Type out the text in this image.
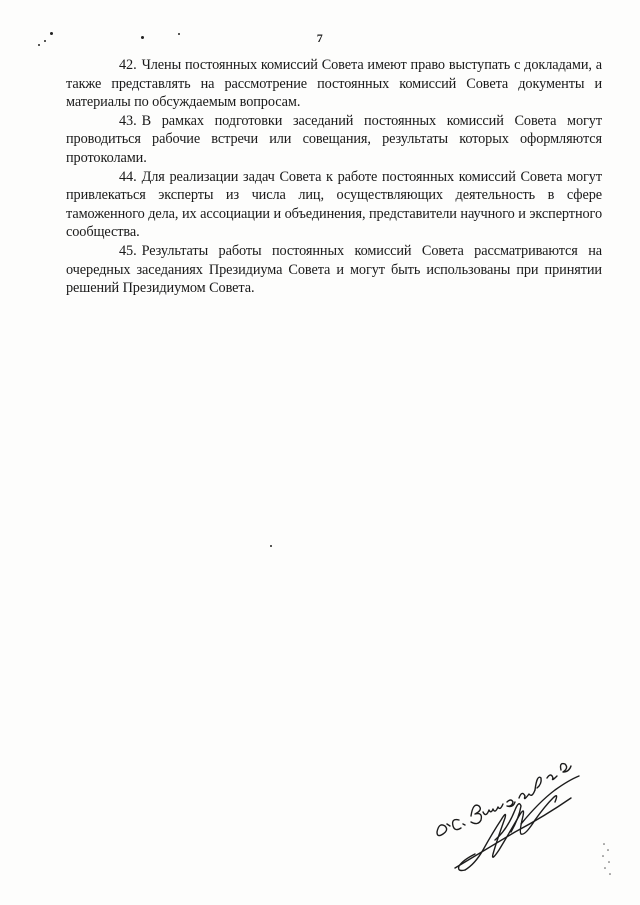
7

42. Члены постоянных комиссий Совета имеют право выступать с докладами, а также представлять на рассмотрение постоянных комиссий Совета документы и материалы по обсуждаемым вопросам.

43. В рамках подготовки заседаний постоянных комиссий Совета могут проводиться рабочие встречи или совещания, результаты которых оформляются протоколами.

44. Для реализации задач Совета к работе постоянных комиссий Совета могут привлекаться эксперты из числа лиц, осуществляющих деятельность в сфере таможенного дела, их ассоциации и объединения, представители научного и экспертного сообщества.

45. Результаты работы постоянных комиссий Совета рассматриваются на очередных заседаниях Президиума Совета и могут быть использованы при принятии решений Президиумом Совета.
